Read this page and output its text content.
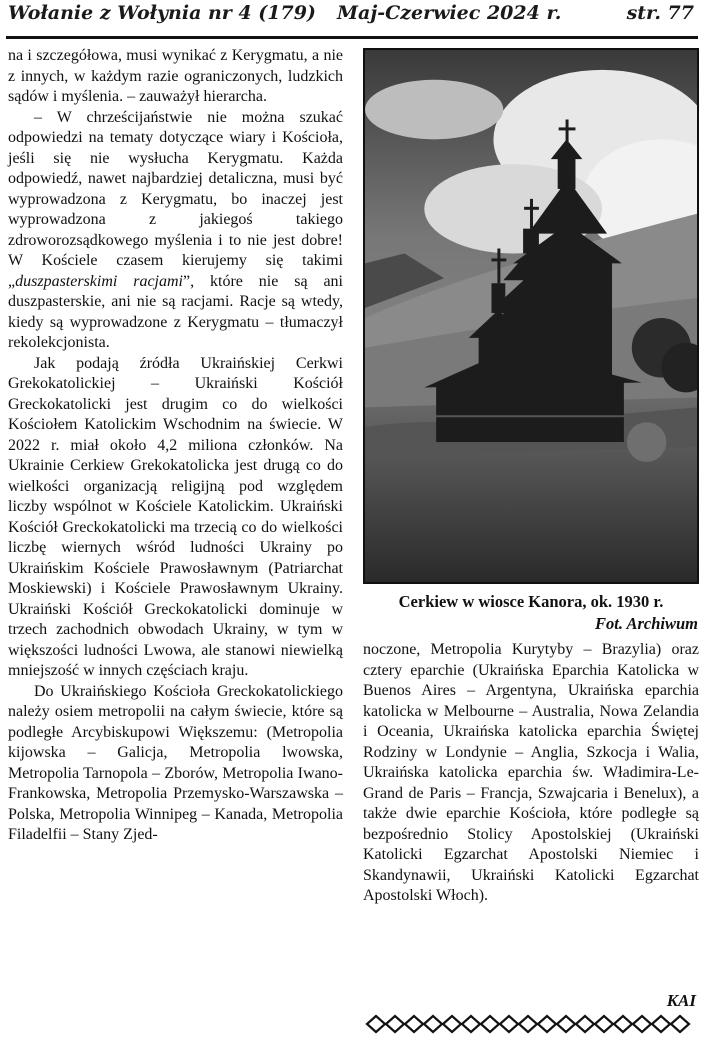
Wołanie z Wołynia nr 4 (179) Maj-Czerwiec 2024 r.	str. 77

na i szczegółowa, musi wynikać z Kerygmatu, a nie z innych, w każdym razie ograniczonych, ludzkich sądów i myślenia. – zauważył hierarcha.

– W chrześcijaństwie nie można szukać odpowiedzi na tematy dotyczące wiary i Kościoła, jeśli się nie wysłucha Kerygmatu. Każda odpowiedź, nawet najbardziej detaliczna, musi być wyprowadzona z Kerygmatu, bo inaczej jest wyprowadzona z jakiegoś takiego zdroworozsądkowego myślenia i to nie jest dobre! W Kościele czasem kierujemy się takimi „duszpasterskimi racjami”, które nie są ani duszpasterskie, ani nie są racjami. Racje są wtedy, kiedy są wyprowadzone z Kerygmatu – tłumaczył rekolekcjonista.

Jak podają źródła Ukraińskiej Cerkwi Grekokatolickiej – Ukraiński Kościół Greckokatolicki jest drugim co do wielkości Kościołem Katolickim Wschodnim na świecie. W 2022 r. miał około 4,2 miliona członków. Na Ukrainie Cerkiew Grekokatolicka jest drugą co do wielkości organizacją religijną pod względem liczby wspólnot w Kościele Katolickim. Ukraiński Kościół Greckokatolicki ma trzecią co do wielkości liczbę wiernych wśród ludności Ukrainy po Ukraińskim Kościele Prawosławnym (Patriarchat Moskiewski) i Kościele Prawosławnym Ukrainy. Ukraiński Kościół Greckokatolicki dominuje w trzech zachodnich obwodach Ukrainy, w tym w większości ludności Lwowa, ale stanowi niewielką mniejszość w innych częściach kraju.

Do Ukraińskiego Kościoła Greckokatolickiego należy osiem metropolii na całym świecie, które są podległe Arcybiskupowi Większemu: (Metropolia kijowska – Galicja, Metropolia lwowska, Metropolia Tarnopola – Zborów, Metropolia Iwano-Frankowska, Metropolia Przemysko-Warszawska – Polska, Metropolia Winnipeg – Kanada, Metropolia Filadelfii – Stany Zjed-

Cerkiew w wiosce Kanora, ok. 1930 r.
Fot. Archiwum

noczone, Metropolia Kurytyby – Brazylia) oraz cztery eparchie (Ukraińska Eparchia Katolicka w Buenos Aires – Argentyna, Ukraińska eparchia katolicka w Melbourne – Australia, Nowa Zelandia i Oceania, Ukraińska katolicka eparchia Świętej Rodziny w Londynie – Anglia, Szkocja i Walia, Ukraińska katolicka eparchia św. Władimira-Le-Grand de Paris – Francja, Szwajcaria i Benelux), a także dwie eparchie Kościoła, które podległe są bezpośrednio Stolicy Apostolskiej (Ukraiński Katolicki Egzarchat Apostolski Niemiec i Skandynawii, Ukraiński Katolicki Egzarchat Apostolski Włoch).

KAI
